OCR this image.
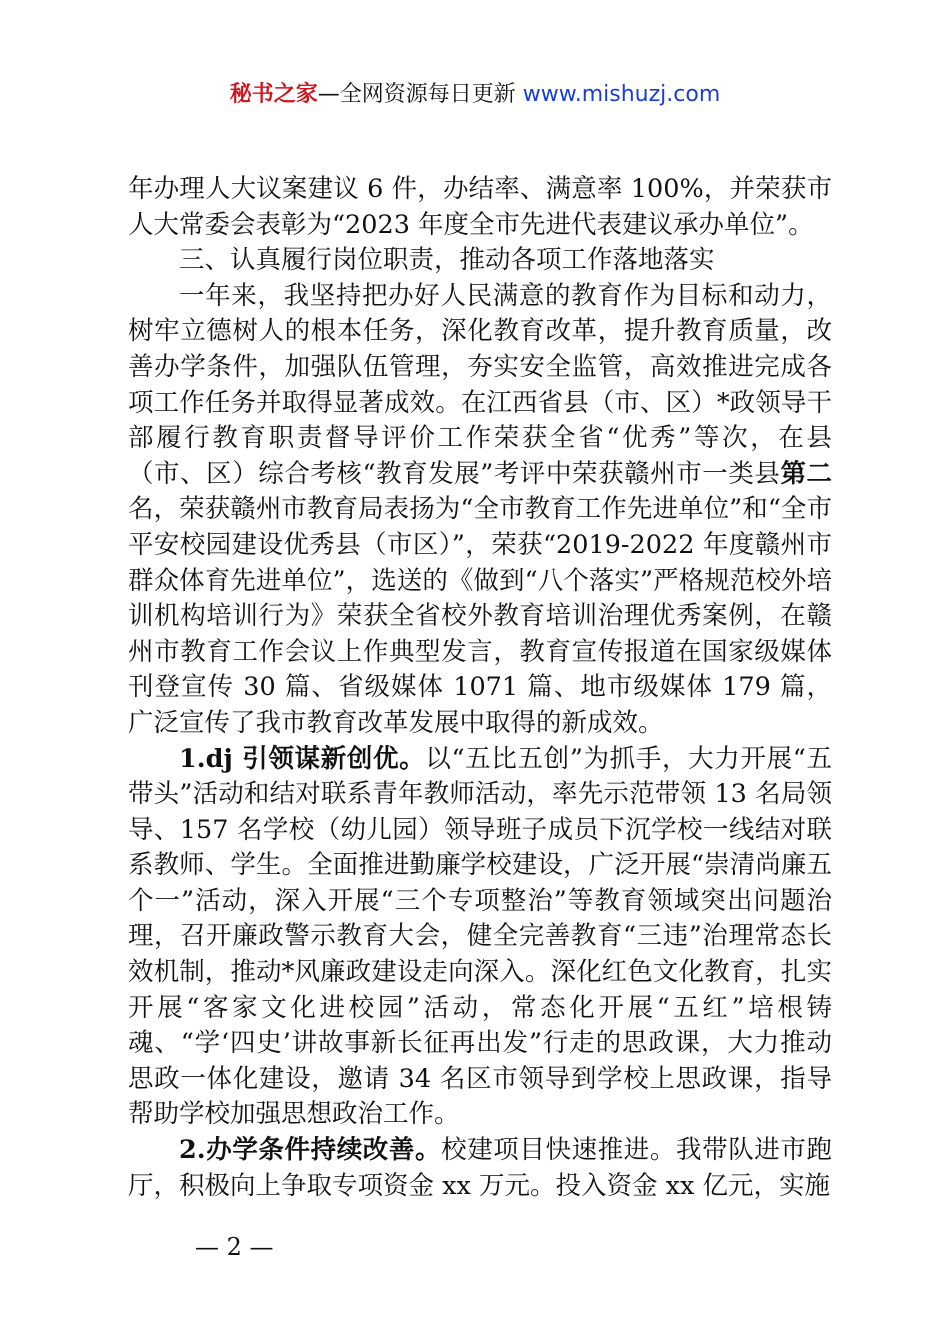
秘书之家—全网资源每日更新 www.mishuzj.com

年办理人大议案建议 6 件，办结率、满意率 100%，并荣获市人大常委会表彰为“2023 年度全市先进代表建议承办单位”。

三、认真履行岗位职责，推动各项工作落地落实

一年来，我坚持把办好人民满意的教育作为目标和动力，树牢立德树人的根本任务，深化教育改革，提升教育质量，改善办学条件，加强队伍管理，夯实安全监管，高效推进完成各项工作任务并取得显著成效。在江西省县（市、区）*政领导干部履行教育职责督导评价工作荣获全省“优秀”等次，在县（市、区）综合考核“教育发展”考评中荣获赣州市一类县第二名，荣获赣州市教育局表扬为“全市教育工作先进单位”和“全市平安校园建设优秀县（市区）”，荣获“2019-2022 年度赣州市群众体育先进单位”，选送的《做到“八个落实”严格规范校外培训机构培训行为》荣获全省校外教育培训治理优秀案例，在赣州市教育工作会议上作典型发言，教育宣传报道在国家级媒体刊登宣传 30 篇、省级媒体 1071 篇、地市级媒体 179 篇，广泛宣传了我市教育改革发展中取得的新成效。

1.dj 引领谋新创优。以“五比五创”为抓手，大力开展“五带头”活动和结对联系青年教师活动，率先示范带领 13 名局领导、157 名学校（幼儿园）领导班子成员下沉学校一线结对联系教师、学生。全面推进勤廉学校建设，广泛开展“崇清尚廉五个一”活动，深入开展“三个专项整治”等教育领域突出问题治理，召开廉政警示教育大会，健全完善教育“三违”治理常态长效机制，推动*风廉政建设走向深入。深化红色文化教育，扎实开展“客家文化进校园”活动，常态化开展“五红”培根铸魂、“学‘四史’讲故事新长征再出发”行走的思政课，大力推动思政一体化建设，邀请 34 名区市领导到学校上思政课，指导帮助学校加强思想政治工作。

2.办学条件持续改善。校建项目快速推进。我带队进市跑厅，积极向上争取专项资金 xx 万元。投入资金 xx 亿元，实施

— 2 —
